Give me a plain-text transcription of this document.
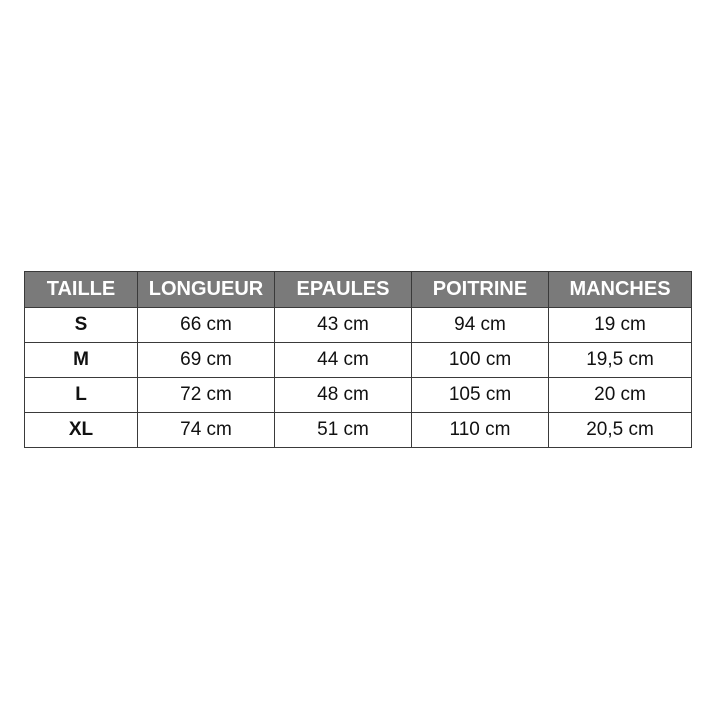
TAILLE	LONGUEUR	EPAULES	POITRINE	MANCHES
S	66 cm	43 cm	94 cm	19 cm
M	69 cm	44 cm	100 cm	19,5 cm
L	72 cm	48 cm	105 cm	20 cm
XL	74 cm	51 cm	110 cm	20,5 cm
